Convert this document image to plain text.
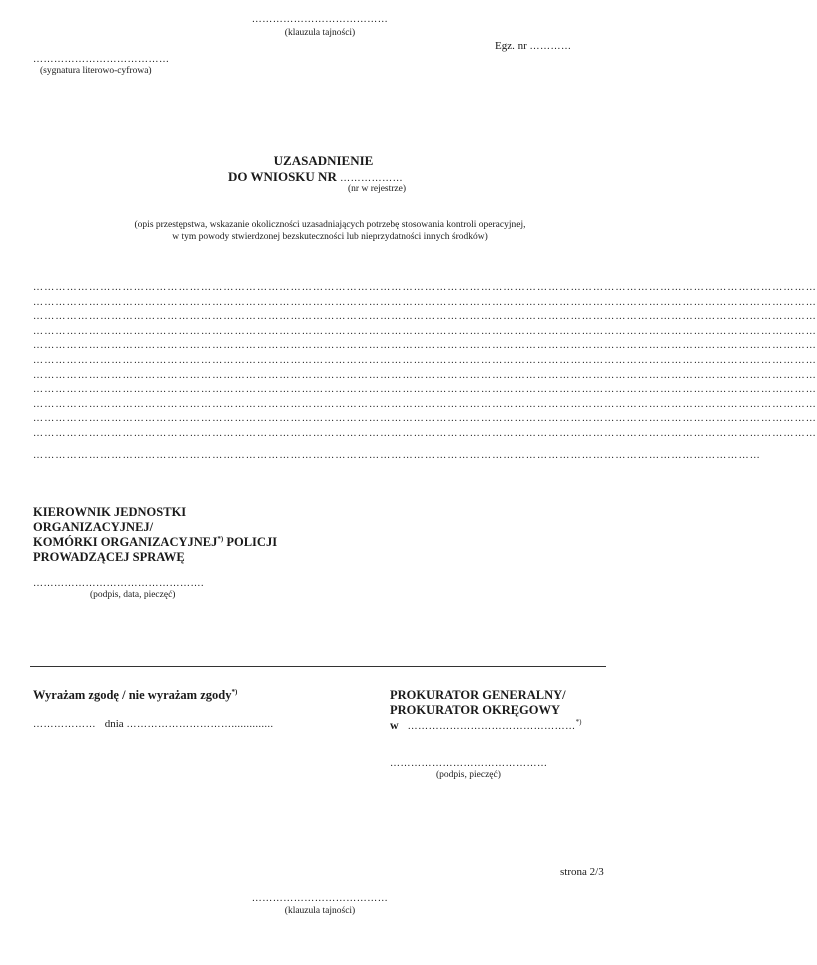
…………………………………
(klauzula tajności)
Egz. nr …………
…………………………………
(sygnatura literowo-cyfrowa)
UZASADNIENIE
DO WNIOSKU NR ………………
(nr w rejestrze)
(opis przestępstwa, wskazanie okoliczności uzasadniających potrzebę stosowania kontroli operacyjnej,
w tym powody stwierdzonej bezskuteczności lub nieprzydatności innych środków)
…………………………………………………………………………………………………………………………………………………………………………………………
…………………………………………………………………………………………………………………………………………………………………………………………
…………………………………………………………………………………………………………………………………………………………………………………………
…………………………………………………………………………………………………………………………………………………………………………………………
…………………………………………………………………………………………………………………………………………………………………………………………
…………………………………………………………………………………………………………………………………………………………………………………………
…………………………………………………………………………………………………………………………………………………………………………………………
…………………………………………………………………………………………………………………………………………………………………………………………
…………………………………………………………………………………………………………………………………………………………………………………………
…………………………………………………………………………………………………………………………………………………………………………………………
…………………………………………………………………………………………………………………………………………………………………………………………
……………………………………………………………………………………………………………………………………………………………………………
KIEROWNIK JEDNOSTKI
ORGANIZACYJNEJ/
KOMÓRKI ORGANIZACYJNEJ*) POLICJI
PROWADZĄCEJ SPRAWĘ
………………………………………….
(podpis, data, pieczęć)
Wyrażam zgodę / nie wyrażam zgody*)
……………… dnia …………………………..............
PROKURATOR GENERALNY/
PROKURATOR OKRĘGOWY
w …………………………………………*)
………………………………………
(podpis, pieczęć)
strona 2/3
…………………………………
(klauzula tajności)
